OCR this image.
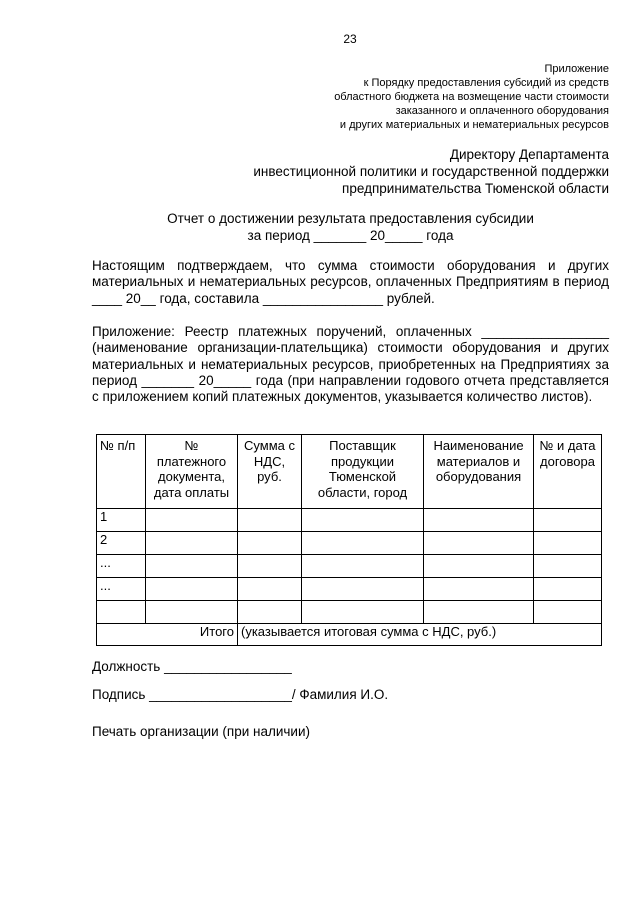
23
Приложение
к Порядку предоставления субсидий из средств
областного бюджета на возмещение части стоимости
заказанного и оплаченного оборудования
и других материальных и нематериальных ресурсов
Директору Департамента
инвестиционной политики и государственной поддержки
предпринимательства Тюменской области
Отчет о достижении результата предоставления субсидии
за период _______ 20_____ года
Настоящим подтверждаем, что сумма стоимости оборудования и других материальных и нематериальных ресурсов, оплаченных Предприятиям в период ____ 20__ года, составила ________________ рублей.
Приложение: Реестр платежных поручений, оплаченных _________________ (наименование организации-плательщика) стоимости оборудования и других материальных и нематериальных ресурсов, приобретенных на Предприятиях за период _______ 20_____ года (при направлении годового отчета представляется с приложением копий платежных документов, указывается количество листов).
№ п/п	№ платежного документа, дата оплаты	Сумма с НДС, руб.	Поставщик продукции Тюменской области, город	Наименование материалов и оборудования	№ и дата договора
1					
2					
...					
...					

Итого		(указывается итоговая сумма с НДС, руб.)			
Должность _________________
Подпись ___________________/ Фамилия И.О.
Печать организации (при наличии)
